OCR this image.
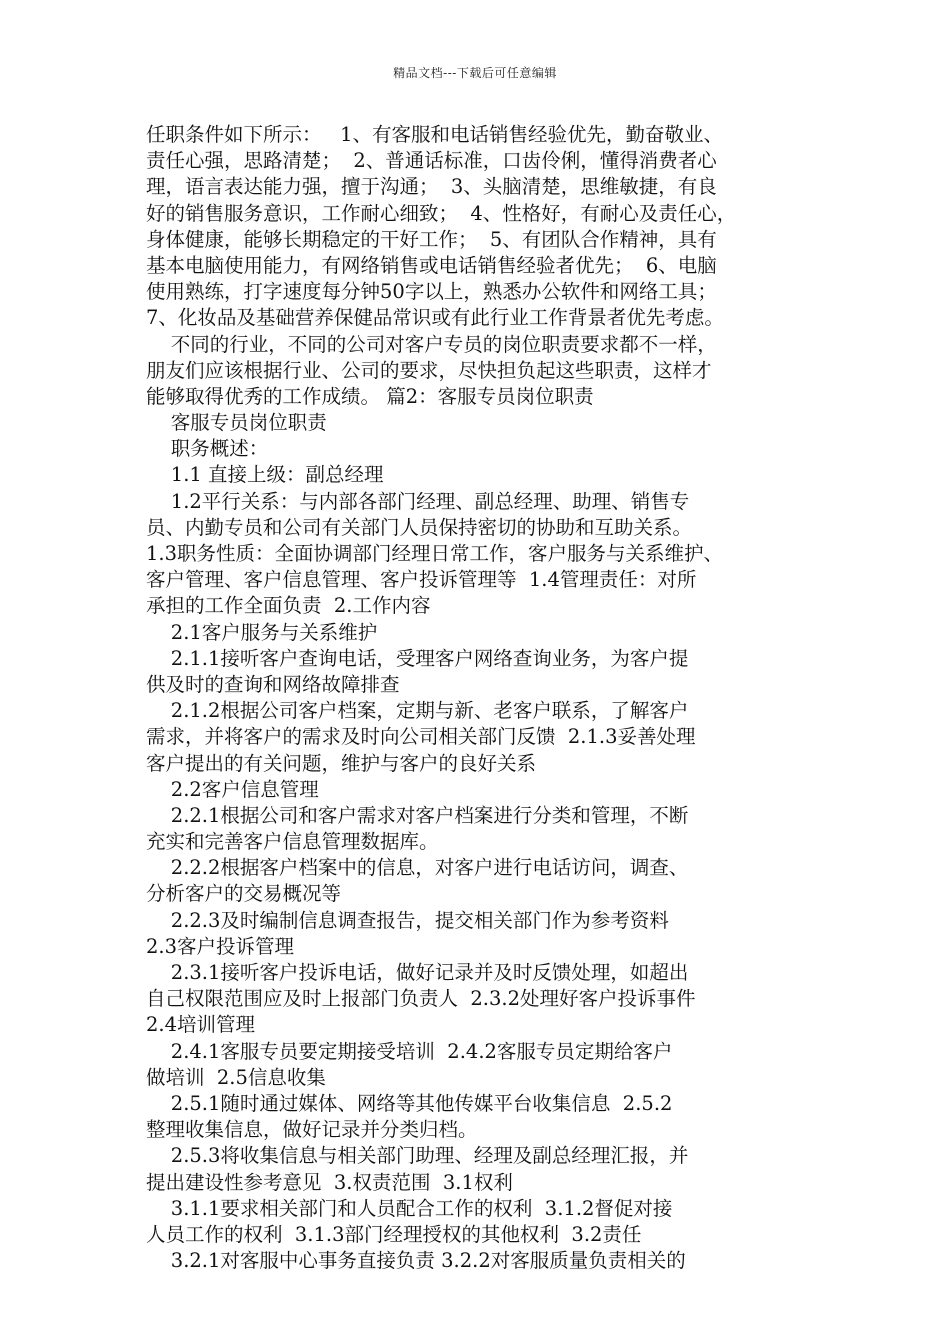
精品文档---下载后可任意编辑
任职条件如下所示：   1、有客服和电话销售经验优先，勤奋敬业、
责任心强，思路清楚；  2、普通话标准，口齿伶俐，懂得消费者心
理，语言表达能力强，擅于沟通；  3、头脑清楚，思维敏捷，有良
好的销售服务意识，工作耐心细致；  4、性格好，有耐心及责任心，
身体健康，能够长期稳定的干好工作；  5、有团队合作精神，具有
基本电脑使用能力，有网络销售或电话销售经验者优先；  6、电脑
使用熟练，打字速度每分钟50字以上，熟悉办公软件和网络工具；
7、化妆品及基础营养保健品常识或有此行业工作背景者优先考虑。
不同的行业，不同的公司对客户专员的岗位职责要求都不一样，
朋友们应该根据行业、公司的要求，尽快担负起这些职责，这样才
能够取得优秀的工作成绩。 篇2：客服专员岗位职责
客服专员岗位职责
职务概述：
1.1 直接上级：副总经理
1.2平行关系：与内部各部门经理、副总经理、助理、销售专
员、内勤专员和公司有关部门人员保持密切的协助和互助关系。
1.3职务性质：全面协调部门经理日常工作，客户服务与关系维护、
客户管理、客户信息管理、客户投诉管理等  1.4管理责任：对所
承担的工作全面负责  2.工作内容
2.1客户服务与关系维护
2.1.1接听客户查询电话，受理客户网络查询业务，为客户提
供及时的查询和网络故障排查
2.1.2根据公司客户档案，定期与新、老客户联系，了解客户
需求，并将客户的需求及时向公司相关部门反馈  2.1.3妥善处理
客户提出的有关问题，维护与客户的良好关系
2.2客户信息管理
2.2.1根据公司和客户需求对客户档案进行分类和管理，不断
充实和完善客户信息管理数据库。
2.2.2根据客户档案中的信息，对客户进行电话访问，调查、
分析客户的交易概况等
2.2.3及时编制信息调查报告，提交相关部门作为参考资料
2.3客户投诉管理
2.3.1接听客户投诉电话，做好记录并及时反馈处理，如超出
自己权限范围应及时上报部门负责人  2.3.2处理好客户投诉事件
2.4培训管理
2.4.1客服专员要定期接受培训  2.4.2客服专员定期给客户
做培训  2.5信息收集
2.5.1随时通过媒体、网络等其他传媒平台收集信息  2.5.2
整理收集信息，做好记录并分类归档。
2.5.3将收集信息与相关部门助理、经理及副总经理汇报，并
提出建设性参考意见  3.权责范围  3.1权利
3.1.1要求相关部门和人员配合工作的权利  3.1.2督促对接
人员工作的权利  3.1.3部门经理授权的其他权利  3.2责任
3.2.1对客服中心事务直接负责 3.2.2对客服质量负责相关的
